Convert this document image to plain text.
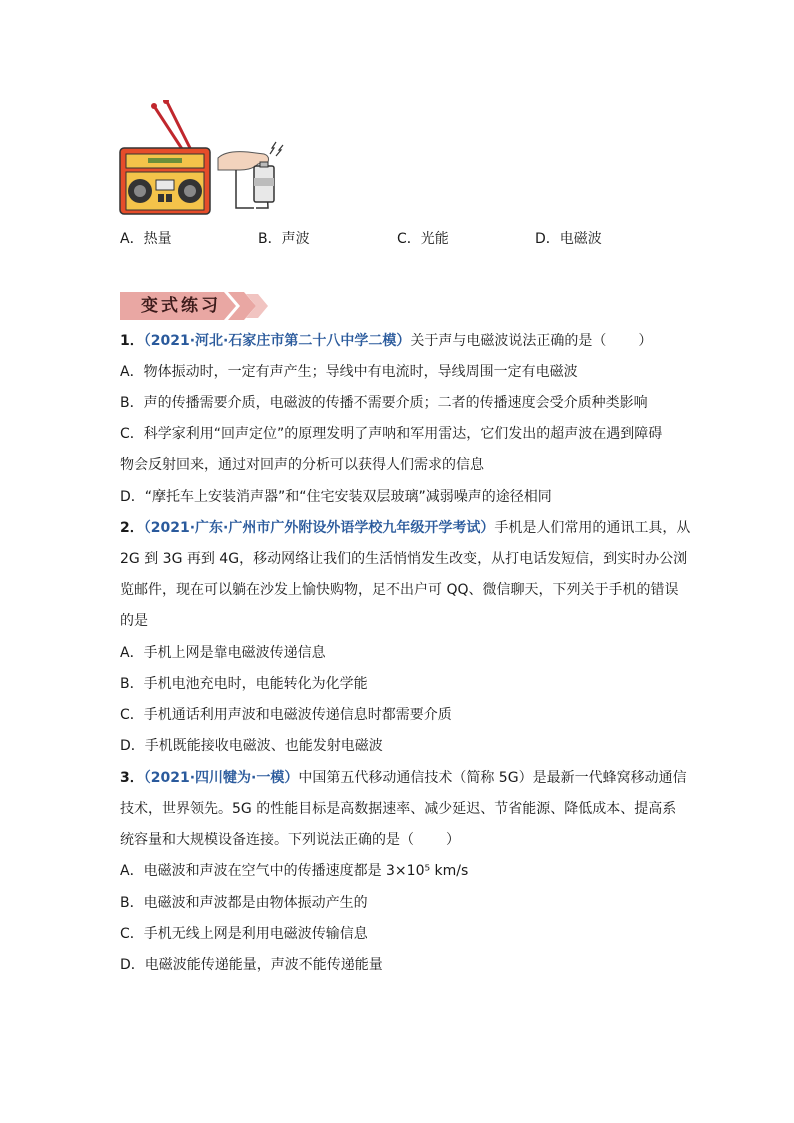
A．热量	B．声波	C．光能	D．电磁波
变式练习
1．（2021·河北·石家庄市第二十八中学二模）关于声与电磁波说法正确的是（ ）
A．物体振动时，一定有声产生；导线中有电流时，导线周围一定有电磁波
B．声的传播需要介质，电磁波的传播不需要介质；二者的传播速度会受介质种类影响
C．科学家利用“回声定位”的原理发明了声呐和军用雷达，它们发出的超声波在遇到障碍
物会反射回来，通过对回声的分析可以获得人们需求的信息
D．“摩托车上安装消声器”和“住宅安装双层玻璃”减弱噪声的途径相同
2．（2021·广东·广州市广外附设外语学校九年级开学考试）手机是人们常用的通讯工具，从
2G 到 3G 再到 4G，移动网络让我们的生活悄悄发生改变，从打电话发短信，到实时办公浏
览邮件，现在可以躺在沙发上愉快购物，足不出户可 QQ、微信聊天，下列关于手机的错误
的是
A．手机上网是靠电磁波传递信息
B．手机电池充电时，电能转化为化学能
C．手机通话利用声波和电磁波传递信息时都需要介质
D．手机既能接收电磁波、也能发射电磁波
3．（2021·四川犍为·一模）中国第五代移动通信技术（简称 5G）是最新一代蜂窝移动通信
技术，世界领先。5G 的性能目标是高数据速率、减少延迟、节省能源、降低成本、提高系
统容量和大规模设备连接。下列说法正确的是（ ）
A．电磁波和声波在空气中的传播速度都是 3×10⁵ km/s
B．电磁波和声波都是由物体振动产生的
C．手机无线上网是利用电磁波传输信息
D．电磁波能传递能量，声波不能传递能量
